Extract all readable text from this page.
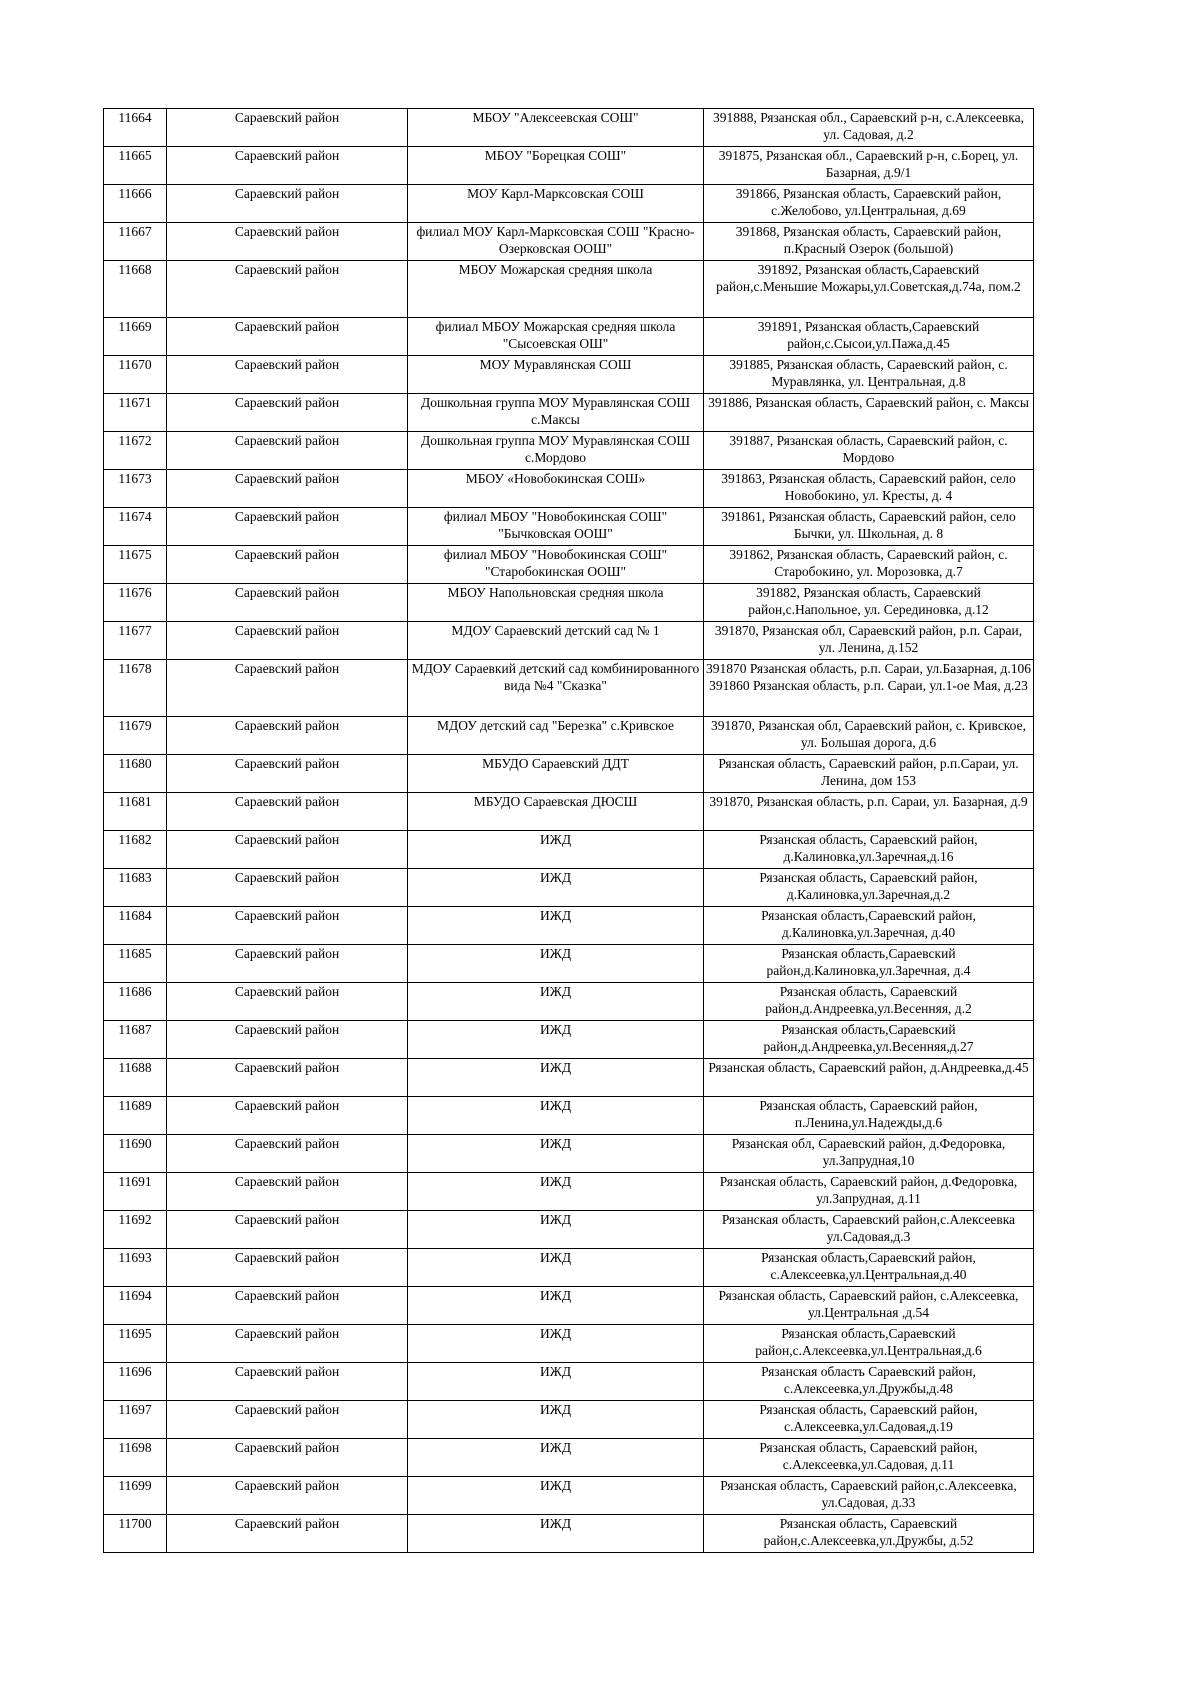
11664	Сараевский район	МБОУ "Алексеевская СОШ"	391888, Рязанская обл., Сараевский р-н, с.Алексеевка, ул. Садовая, д.2
11665	Сараевский район	МБОУ "Борецкая СОШ"	391875, Рязанская обл., Сараевский р-н, с.Борец, ул. Базарная, д.9/1
11666	Сараевский район	МОУ Карл-Марксовская СОШ	391866, Рязанская область, Сараевский район, с.Желобово, ул.Центральная, д.69
11667	Сараевский район	филиал МОУ Карл-Марксовская СОШ "Красно-Озерковская ООШ"	391868, Рязанская область, Сараевский район, п.Красный Озерок (большой)
11668	Сараевский район	МБОУ Можарская средняя школа	391892, Рязанская область,Сараевский район,с.Меньшие Можары,ул.Советская,д.74а, пом.2
11669	Сараевский район	филиал МБОУ Можарская средняя школа "Сысоевская ОШ"	391891, Рязанская область,Сараевский район,с.Сысои,ул.Пажа,д.45
11670	Сараевский район	МОУ Муравлянская СОШ	391885, Рязанская область, Сараевский район, с. Муравлянка, ул. Центральная, д.8
11671	Сараевский район	Дошкольная группа МОУ Муравлянская СОШ с.Максы	391886, Рязанская область, Сараевский район, с. Максы
11672	Сараевский район	Дошкольная группа МОУ Муравлянская СОШ с.Мордово	391887, Рязанская область, Сараевский район, с. Мордово
11673	Сараевский район	МБОУ «Новобокинская СОШ»	391863, Рязанская область, Сараевский район, село Новобокино, ул. Кресты, д. 4
11674	Сараевский район	филиал МБОУ "Новобокинская СОШ" "Бычковская ООШ"	391861, Рязанская область, Сараевский район, село Бычки, ул. Школьная, д. 8
11675	Сараевский район	филиал МБОУ "Новобокинская СОШ" "Старобокинская ООШ"	391862, Рязанская область, Сараевский район, с. Старобокино, ул. Морозовка, д.7
11676	Сараевский район	МБОУ Напольновская средняя школа	391882, Рязанская область, Сараевский район,с.Напольное, ул. Серединовка, д.12
11677	Сараевский район	МДОУ Сараевский детский сад № 1	391870, Рязанская обл, Сараевский район, р.п. Сараи, ул. Ленина, д.152
11678	Сараевский район	МДОУ Сараевкий детский сад комбинированного вида №4 "Сказка"	391870 Рязанская область, р.п. Сараи, ул.Базарная, д.106 391860 Рязанская область, р.п. Сараи, ул.1-ое Мая, д.23
11679	Сараевский район	МДОУ детский сад "Березка" с.Кривское	391870, Рязанская обл, Сараевский район, с. Кривское, ул. Большая дорога, д.6
11680	Сараевский район	МБУДО Сараевский ДДТ	Рязанская область, Сараевский район, р.п.Сараи, ул. Ленина, дом 153
11681	Сараевский район	МБУДО Сараевская ДЮСШ	391870, Рязанская область, р.п. Сараи, ул. Базарная, д.9
11682	Сараевский район	ИЖД	Рязанская область, Сараевский район, д.Калиновка,ул.Заречная,д.16
11683	Сараевский район	ИЖД	Рязанская область, Сараевский район, д.Калиновка,ул.Заречная,д.2
11684	Сараевский район	ИЖД	Рязанская область,Сараевский район, д.Калиновка,ул.Заречная, д.40
11685	Сараевский район	ИЖД	Рязанская область,Сараевский район,д.Калиновка,ул.Заречная, д.4
11686	Сараевский район	ИЖД	Рязанская область, Сараевский район,д.Андреевка,ул.Весенняя, д.2
11687	Сараевский район	ИЖД	Рязанская область,Сараевский район,д.Андреевка,ул.Весенняя,д.27
11688	Сараевский район	ИЖД	Рязанская область, Сараевский район, д.Андреевка,д.45
11689	Сараевский район	ИЖД	Рязанская область, Сараевский район, п.Ленина,ул.Надежды,д.6
11690	Сараевский район	ИЖД	Рязанская обл, Сараевский район, д.Федоровка, ул.Запрудная,10
11691	Сараевский район	ИЖД	Рязанская область, Сараевский район, д.Федоровка, ул.Запрудная, д.11
11692	Сараевский район	ИЖД	Рязанская область, Сараевский район,с.Алексеевка ул.Садовая,д.3
11693	Сараевский район	ИЖД	Рязанская область,Сараевский район, с.Алексеевка,ул.Центральная,д.40
11694	Сараевский район	ИЖД	Рязанская область, Сараевский район, с.Алексеевка, ул.Центральная ,д.54
11695	Сараевский район	ИЖД	Рязанская область,Сараевский район,с.Алексеевка,ул.Центральная,д.6
11696	Сараевский район	ИЖД	Рязанская область Сараевский район, с.Алексеевка,ул.Дружбы,д.48
11697	Сараевский район	ИЖД	Рязанская область, Сараевский район, с.Алексеевка,ул.Садовая,д.19
11698	Сараевский район	ИЖД	Рязанская область, Сараевский район, с.Алексеевка,ул.Садовая, д.11
11699	Сараевский район	ИЖД	Рязанская область, Сараевский район,с.Алексеевка, ул.Садовая, д.33
11700	Сараевский район	ИЖД	Рязанская область, Сараевский район,с.Алексеевка,ул.Дружбы, д.52
